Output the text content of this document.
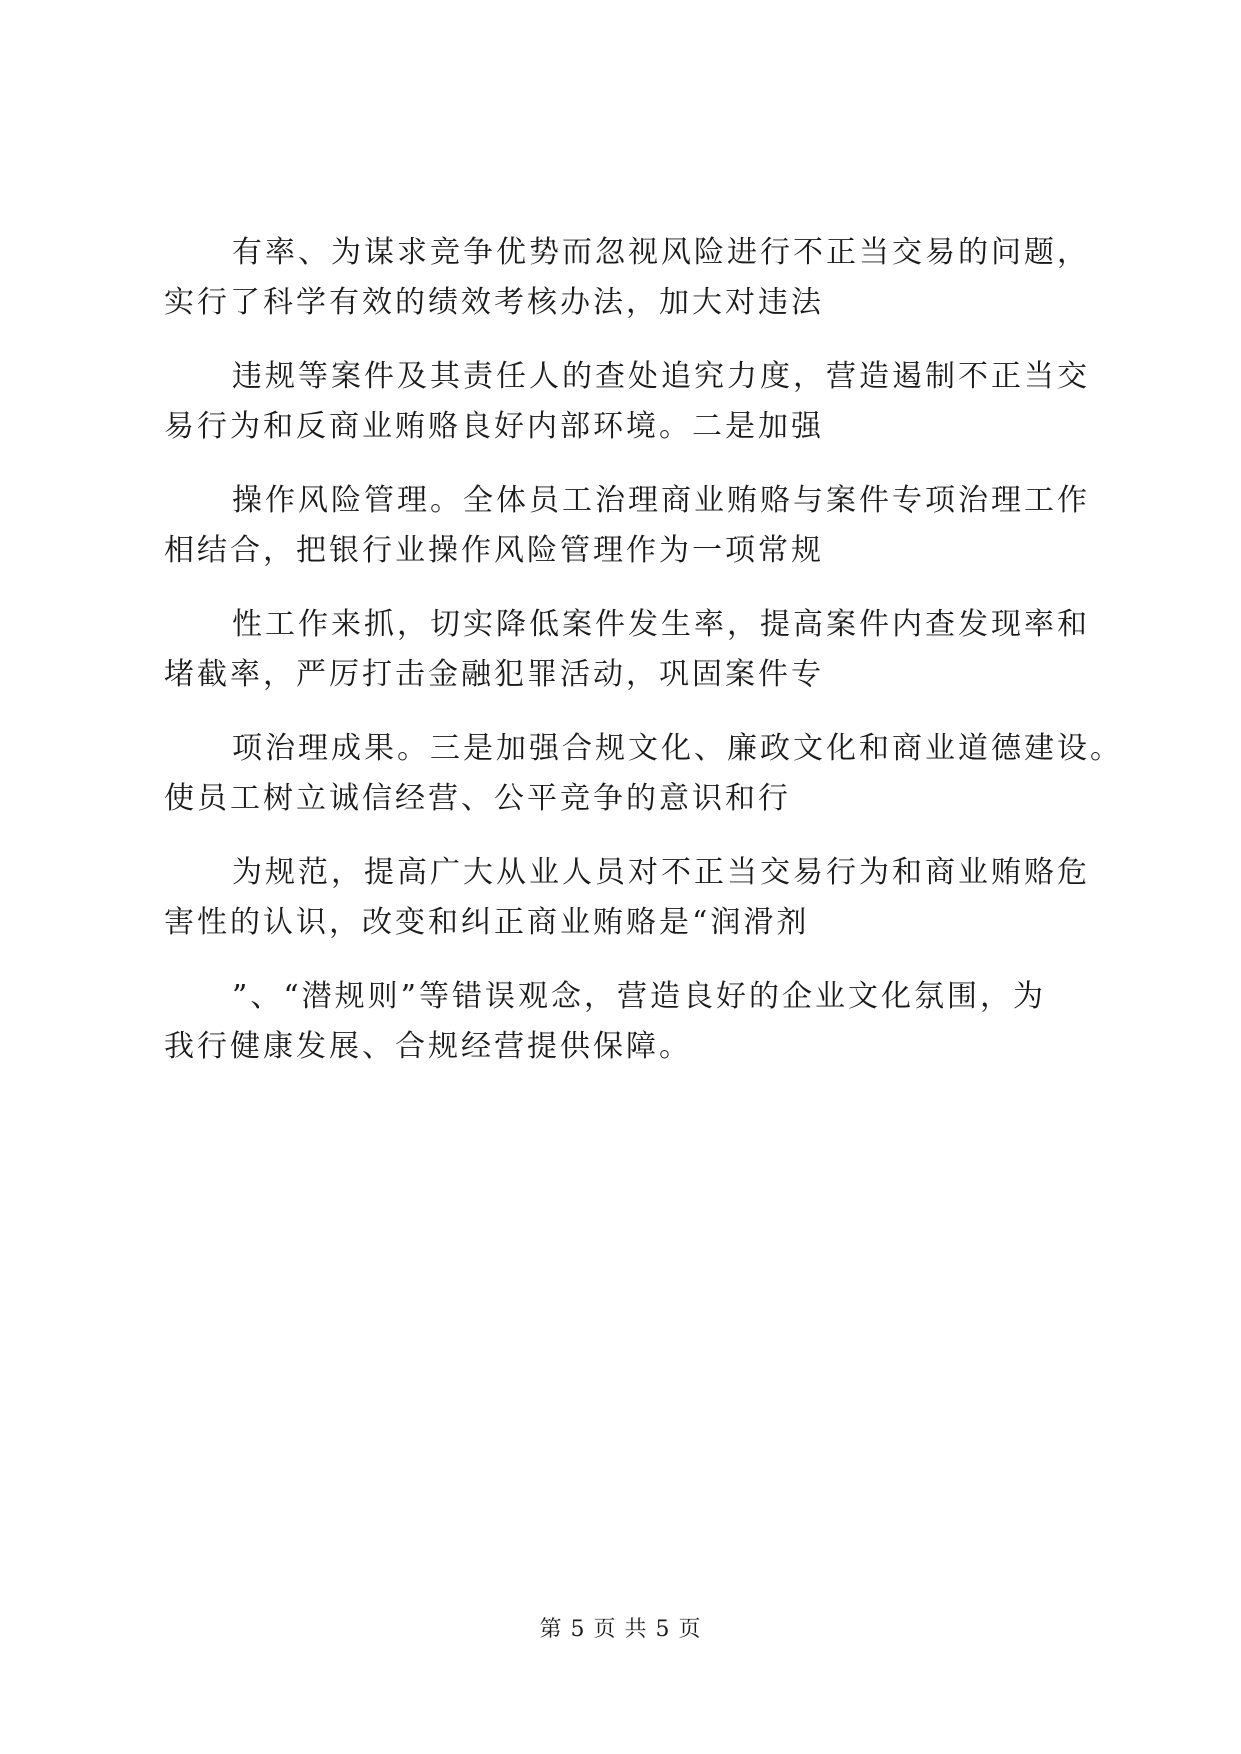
有率、为谋求竞争优势而忽视风险进行不正当交易的问题，
实行了科学有效的绩效考核办法，加大对违法
违规等案件及其责任人的查处追究力度，营造遏制不正当交
易行为和反商业贿赂良好内部环境。二是加强
操作风险管理。全体员工治理商业贿赂与案件专项治理工作
相结合，把银行业操作风险管理作为一项常规
性工作来抓，切实降低案件发生率，提高案件内查发现率和
堵截率，严厉打击金融犯罪活动，巩固案件专
项治理成果。三是加强合规文化、廉政文化和商业道德建设。
使员工树立诚信经营、公平竞争的意识和行
为规范，提高广大从业人员对不正当交易行为和商业贿赂危
害性的认识，改变和纠正商业贿赂是“润滑剂
”、“潜规则”等错误观念，营造良好的企业文化氛围，为
我行健康发展、合规经营提供保障。
第 5 页 共 5 页
